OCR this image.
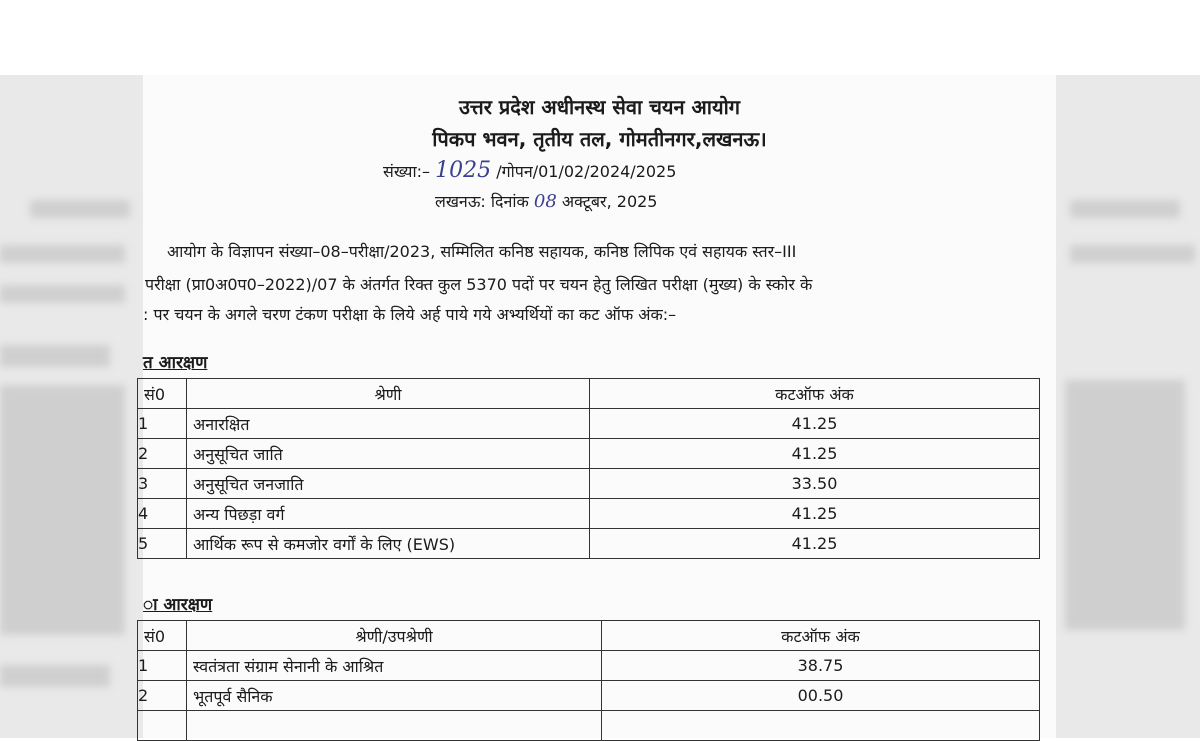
उत्तर प्रदेश अधीनस्थ सेवा चयन आयोग
पिकप भवन, तृतीय तल, गोमतीनगर,लखनऊ।
संख्या:– 1025 /गोपन/01/02/2024/2025
लखनऊ: दिनांक 08 अक्टूबर, 2025
आयोग के विज्ञापन संख्या–08–परीक्षा/2023, सम्मिलित कनिष्ठ सहायक, कनिष्ठ लिपिक एवं सहायक स्तर–III
परीक्षा (प्रा0अ0प0–2022)/07 के अंतर्गत रिक्त कुल 5370 पदों पर चयन हेतु लिखित परीक्षा (मुख्य) के स्कोर के
: पर चयन के अगले चरण टंकण परीक्षा के लिये अर्ह पाये गये अभ्यर्थियों का कट ऑफ अंक:–
त आरक्षण
सं0	श्रेणी	कटऑफ अंक
1	अनारक्षित	41.25
2	अनुसूचित जाति	41.25
3	अनुसूचित जनजाति	33.50
4	अन्य पिछड़ा वर्ग	41.25
5	आर्थिक रूप से कमजोर वर्गों के लिए (EWS)	41.25
ा आरक्षण
सं0	श्रेणी/उपश्रेणी	कटऑफ अंक
1	स्वतंत्रता संग्राम सेनानी के आश्रित	38.75
2	भूतपूर्व सैनिक	00.50
